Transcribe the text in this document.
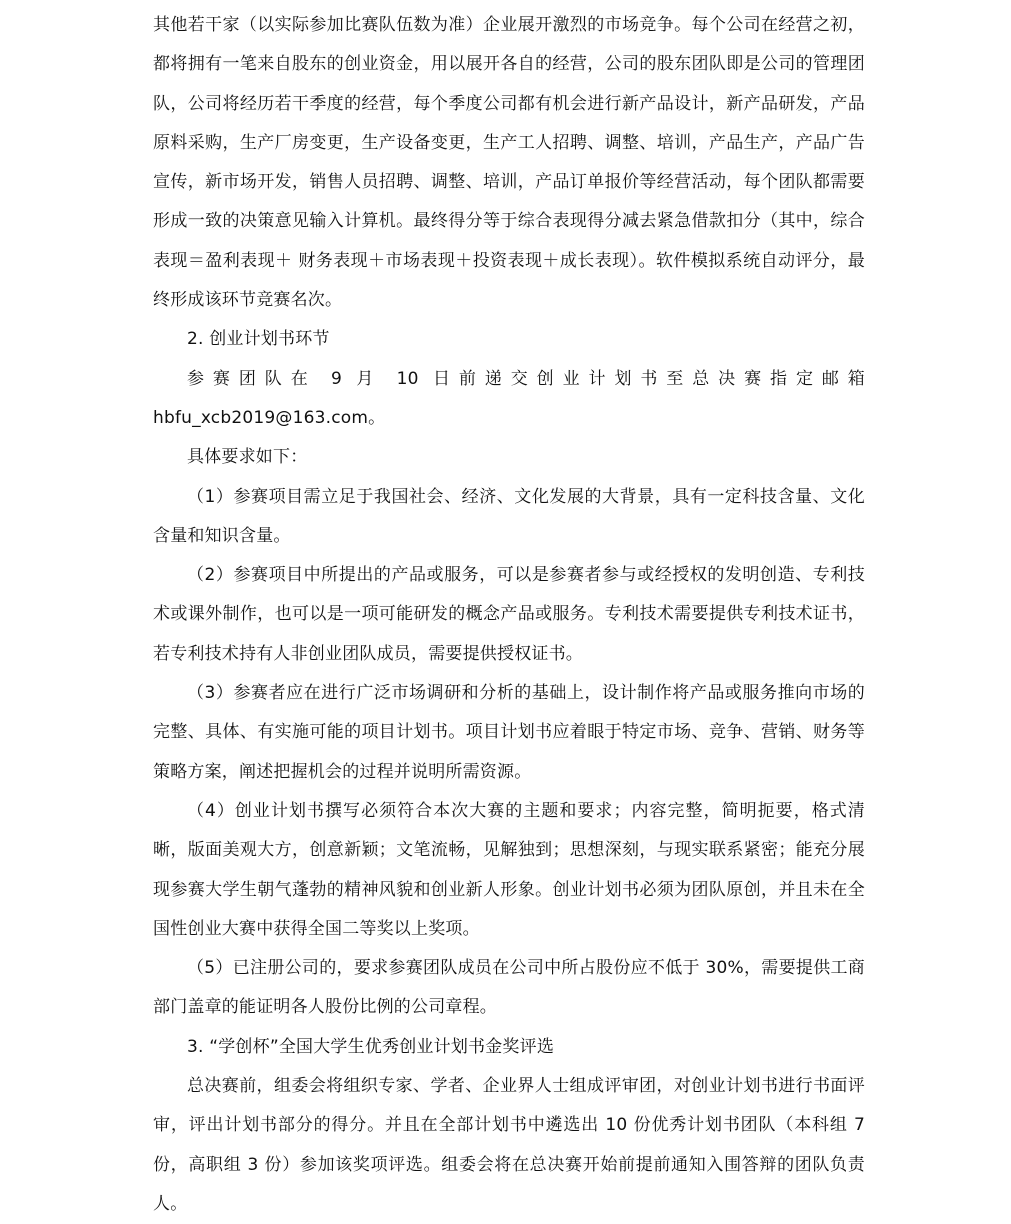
其他若干家（以实际参加比赛队伍数为准）企业展开激烈的市场竞争。每个公司在经营之初，都将拥有一笔来自股东的创业资金，用以展开各自的经营，公司的股东团队即是公司的管理团队，公司将经历若干季度的经营，每个季度公司都有机会进行新产品设计，新产品研发，产品原料采购，生产厂房变更，生产设备变更，生产工人招聘、调整、培训，产品生产，产品广告宣传，新市场开发，销售人员招聘、调整、培训，产品订单报价等经营活动，每个团队都需要形成一致的决策意见输入计算机。最终得分等于综合表现得分减去紧急借款扣分（其中，综合表现＝盈利表现＋ 财务表现＋市场表现＋投资表现＋成长表现）。软件模拟系统自动评分，最终形成该环节竞赛名次。

2. 创业计划书环节

参赛团队在 9 月 10 日前递交创业计划书至总决赛指定邮箱 hbfu_xcb2019@163.com。

具体要求如下：

（1）参赛项目需立足于我国社会、经济、文化发展的大背景，具有一定科技含量、文化含量和知识含量。

（2）参赛项目中所提出的产品或服务，可以是参赛者参与或经授权的发明创造、专利技术或课外制作，也可以是一项可能研发的概念产品或服务。专利技术需要提供专利技术证书，若专利技术持有人非创业团队成员，需要提供授权证书。

（3）参赛者应在进行广泛市场调研和分析的基础上，设计制作将产品或服务推向市场的完整、具体、有实施可能的项目计划书。项目计划书应着眼于特定市场、竞争、营销、财务等策略方案，阐述把握机会的过程并说明所需资源。

（4）创业计划书撰写必须符合本次大赛的主题和要求；内容完整，简明扼要，格式清晰，版面美观大方，创意新颖；文笔流畅，见解独到；思想深刻，与现实联系紧密；能充分展现参赛大学生朝气蓬勃的精神风貌和创业新人形象。创业计划书必须为团队原创，并且未在全国性创业大赛中获得全国二等奖以上奖项。

（5）已注册公司的，要求参赛团队成员在公司中所占股份应不低于 30%，需要提供工商部门盖章的能证明各人股份比例的公司章程。

3. “学创杯”全国大学生优秀创业计划书金奖评选

总决赛前，组委会将组织专家、学者、企业界人士组成评审团，对创业计划书进行书面评审，评出计划书部分的得分。并且在全部计划书中遴选出 10 份优秀计划书团队（本科组 7 份，高职组 3 份）参加该奖项评选。组委会将在总决赛开始前提前通知入围答辩的团队负责人。
